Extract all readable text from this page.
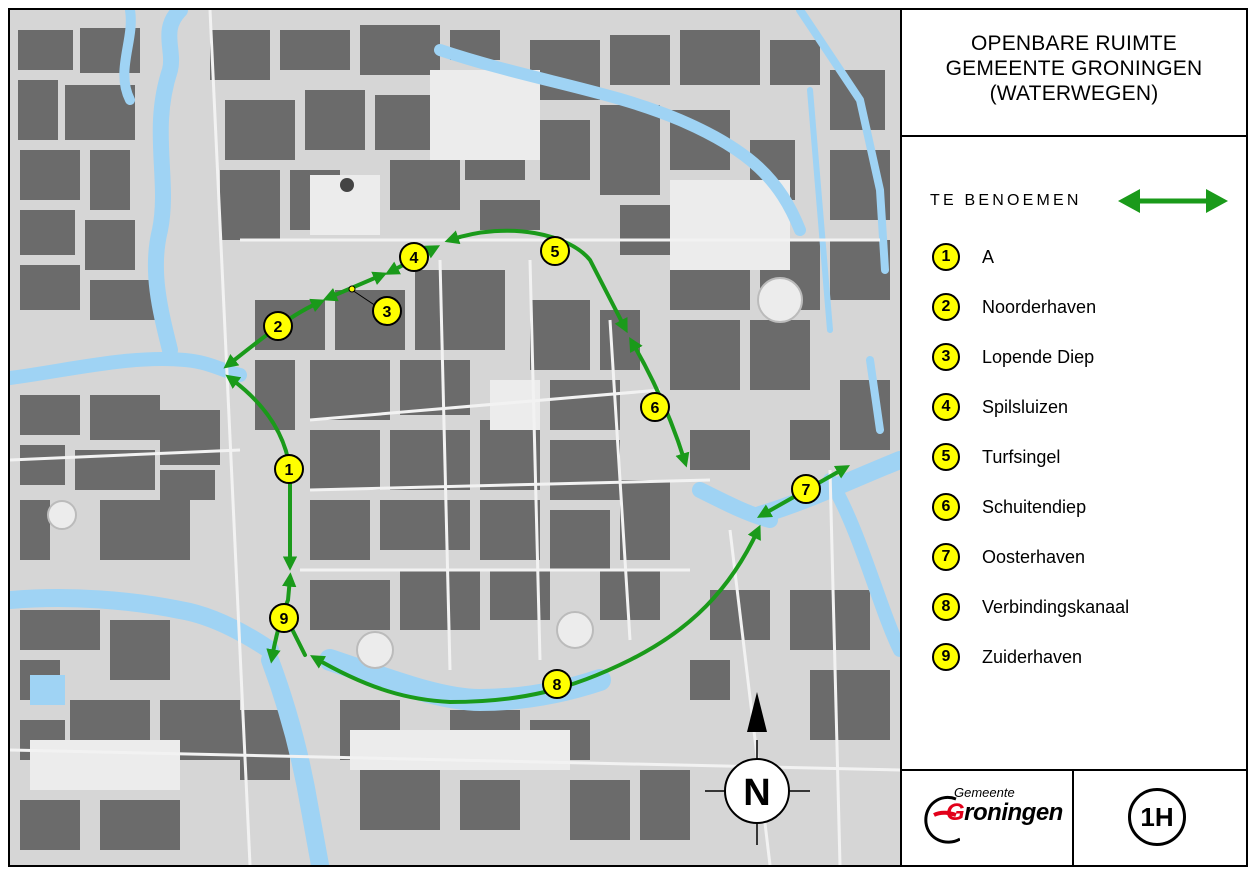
1
2
3
4	5
6
7
8
9
N
OPENBARE RUIMTE
GEMEENTE GRONINGEN
(WATERWEGEN)
TE BENOEMEN
1	A
2	Noorderhaven
3	Lopende Diep
4	Spilsluizen
5	Turfsingel
6	Schuitendiep
7	Oosterhaven
8	Verbindingskanaal
9	Zuiderhaven
Gemeente
Groningen	1H
